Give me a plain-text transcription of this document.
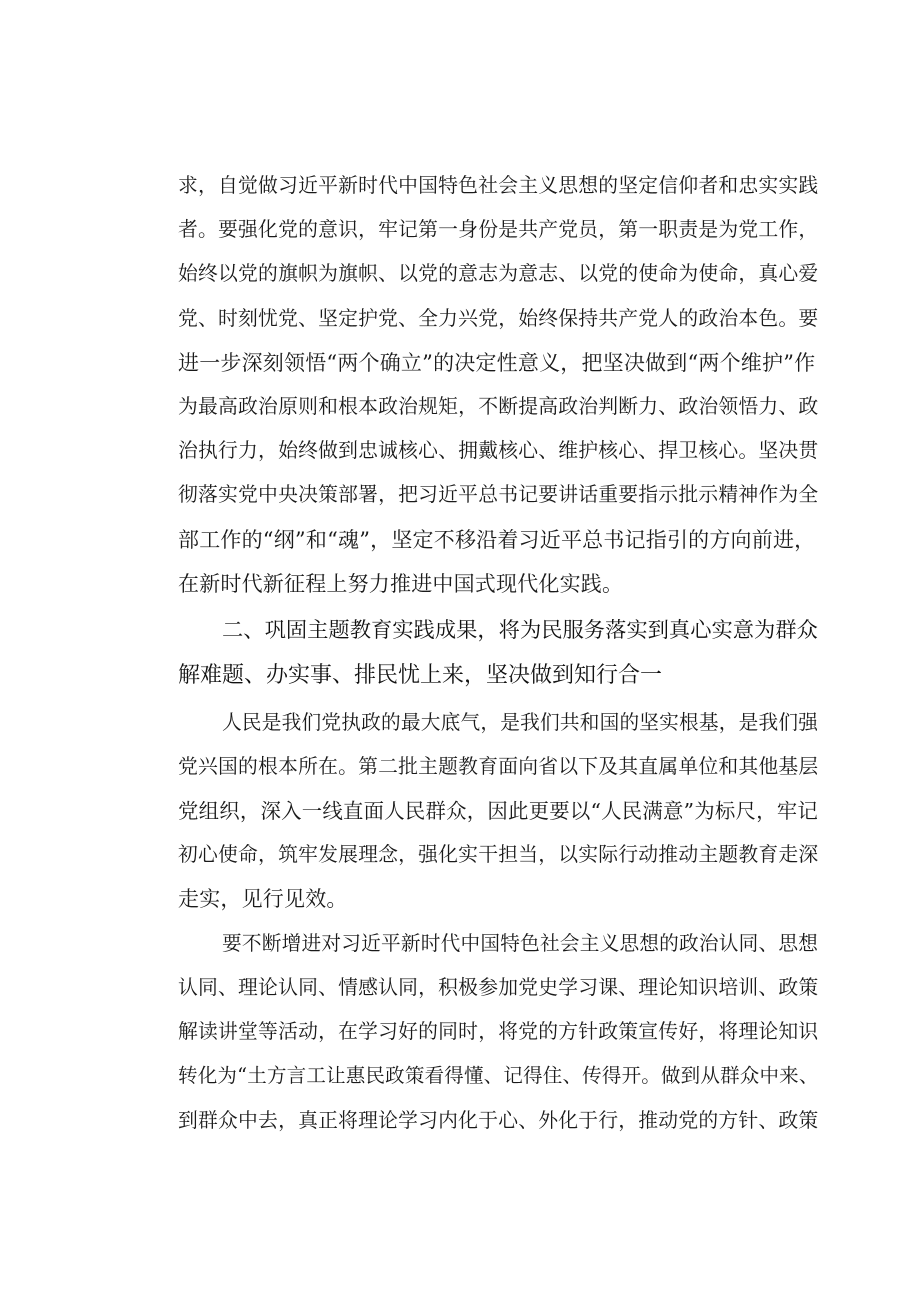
求，自觉做习近平新时代中国特色社会主义思想的坚定信仰者和忠实实践
者。要强化党的意识，牢记第一身份是共产党员，第一职责是为党工作，
始终以党的旗帜为旗帜、以党的意志为意志、以党的使命为使命，真心爱
党、时刻忧党、坚定护党、全力兴党，始终保持共产党人的政治本色。要
进一步深刻领悟“两个确立”的决定性意义，把坚决做到“两个维护”作
为最高政治原则和根本政治规矩，不断提高政治判断力、政治领悟力、政
治执行力，始终做到忠诚核心、拥戴核心、维护核心、捍卫核心。坚决贯
彻落实党中央决策部署，把习近平总书记要讲话重要指示批示精神作为全
部工作的“纲”和“魂”，坚定不移沿着习近平总书记指引的方向前进，
在新时代新征程上努力推进中国式现代化实践。
二、巩固主题教育实践成果，将为民服务落实到真心实意为群众
解难题、办实事、排民忧上来，坚决做到知行合一
人民是我们党执政的最大底气，是我们共和国的坚实根基，是我们强
党兴国的根本所在。第二批主题教育面向省以下及其直属单位和其他基层
党组织，深入一线直面人民群众，因此更要以“人民满意”为标尺，牢记
初心使命，筑牢发展理念，强化实干担当，以实际行动推动主题教育走深
走实，见行见效。
要不断增进对习近平新时代中国特色社会主义思想的政治认同、思想
认同、理论认同、情感认同，积极参加党史学习课、理论知识培训、政策
解读讲堂等活动，在学习好的同时，将党的方针政策宣传好，将理论知识
转化为“土方言工让惠民政策看得懂、记得住、传得开。做到从群众中来、
到群众中去，真正将理论学习内化于心、外化于行，推动党的方针、政策
